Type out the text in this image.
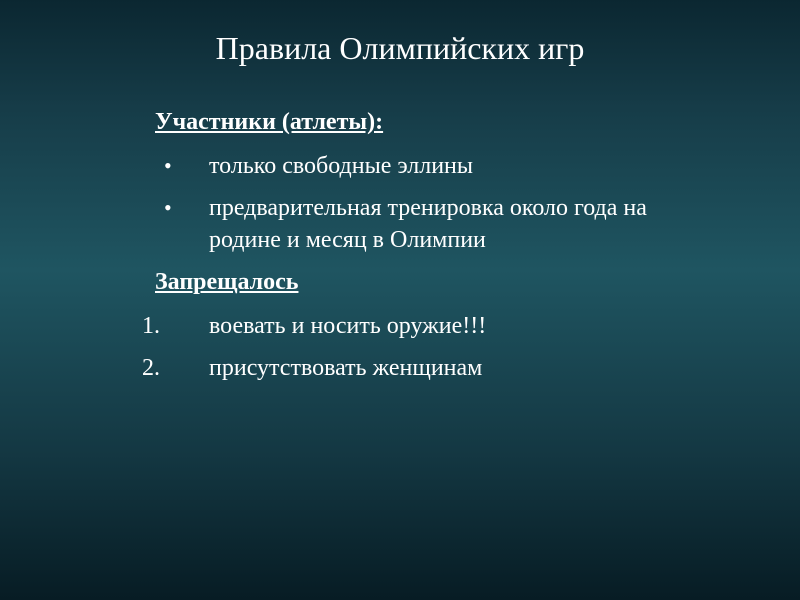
Правила Олимпийских игр
Участники (атлеты):
• только свободные эллины
• предварительная тренировка около года на родине и месяц в Олимпии
Запрещалось
1. воевать и носить оружие!!!
2. присутствовать женщинам
